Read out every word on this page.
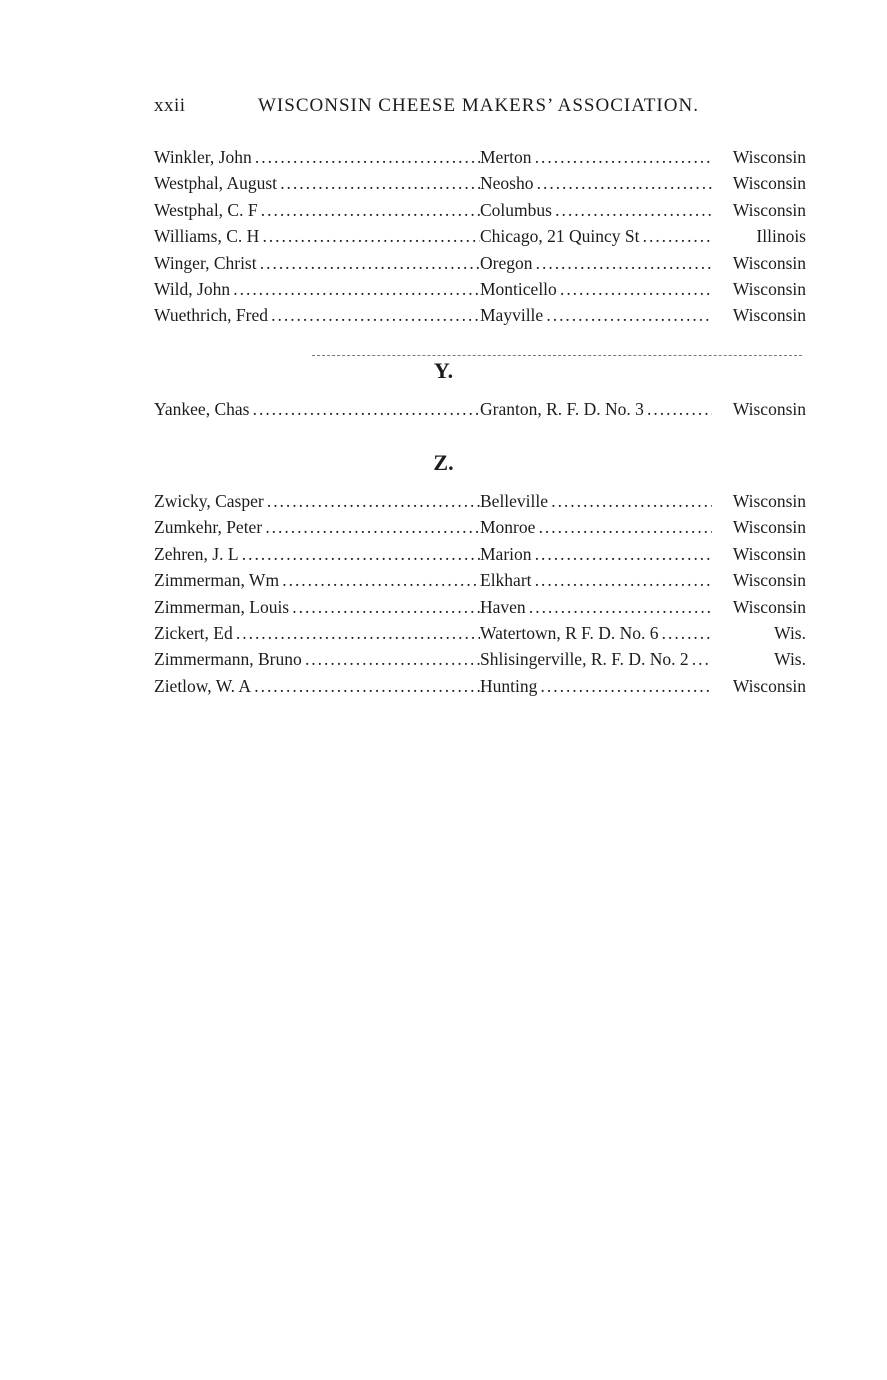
xxii	WISCONSIN CHEESE MAKERS’ ASSOCIATION.
Winkler, John . . .	Merton . . .	Wisconsin
Westphal, August . . .	Neosho . . .	Wisconsin
Westphal, C. F . . .	Columbus . . .	Wisconsin
Williams, C. H . . .	Chicago, 21 Quincy St . . .	Illinois
Winger, Christ . . .	Oregon . . .	Wisconsin
Wild, John . . .	Monticello . . .	Wisconsin
Wuethrich, Fred . . .	Mayville . . .	Wisconsin
Y.
Yankee, Chas . . .	Granton, R. F. D. No. 3 . . .	Wisconsin
Z.
Zwicky, Casper . . .	Belleville . . .	Wisconsin
Zumkehr, Peter . . .	Monroe . . .	Wisconsin
Zehren, J. L . . .	Marion . . .	Wisconsin
Zimmerman, Wm . . .	Elkhart . . .	Wisconsin
Zimmerman, Louis . . .	Haven . . .	Wisconsin
Zickert, Ed . . .	Watertown, R F. D. No. 6 . . .	Wis.
Zimmermann, Bruno . . .	Shlisingerville, R. F. D. No. 2 . . .	Wis.
Zietlow, W. A . . .	Hunting . . .	Wisconsin
